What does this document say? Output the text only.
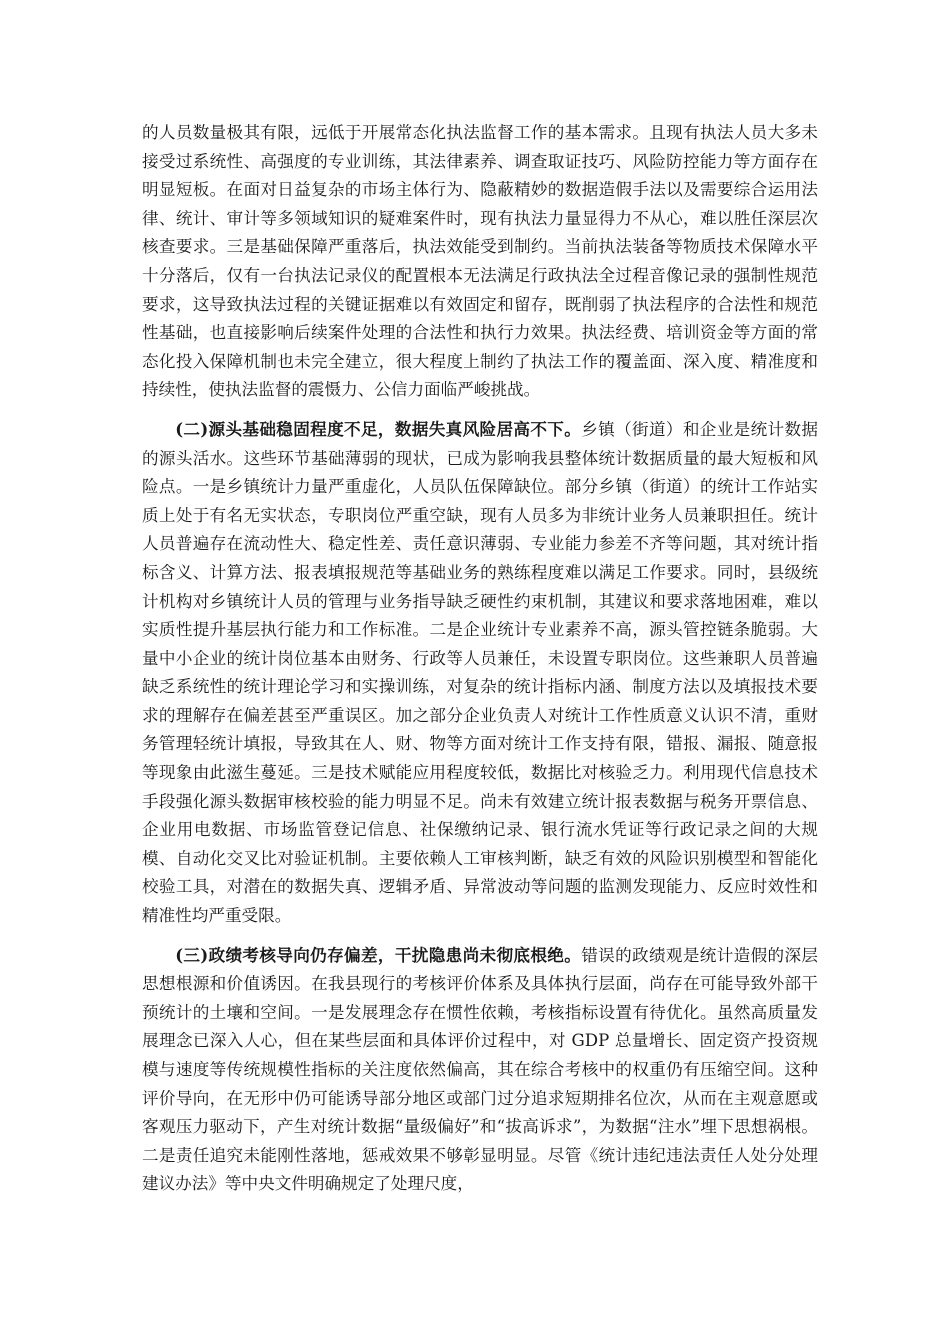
的人员数量极其有限，远低于开展常态化执法监督工作的基本需求。且现有执法人员大多未接受过系统性、高强度的专业训练，其法律素养、调查取证技巧、风险防控能力等方面存在明显短板。在面对日益复杂的市场主体行为、隐蔽精妙的数据造假手法以及需要综合运用法律、统计、审计等多领域知识的疑难案件时，现有执法力量显得力不从心，难以胜任深层次核查要求。三是基础保障严重落后，执法效能受到制约。当前执法装备等物质技术保障水平十分落后，仅有一台执法记录仪的配置根本无法满足行政执法全过程音像记录的强制性规范要求，这导致执法过程的关键证据难以有效固定和留存，既削弱了执法程序的合法性和规范性基础，也直接影响后续案件处理的合法性和执行力效果。执法经费、培训资金等方面的常态化投入保障机制也未完全建立，很大程度上制约了执法工作的覆盖面、深入度、精准度和持续性，使执法监督的震慑力、公信力面临严峻挑战。

(二)源头基础稳固程度不足，数据失真风险居高不下。乡镇（街道）和企业是统计数据的源头活水。这些环节基础薄弱的现状，已成为影响我县整体统计数据质量的最大短板和风险点。一是乡镇统计力量严重虚化，人员队伍保障缺位。部分乡镇（街道）的统计工作站实质上处于有名无实状态，专职岗位严重空缺，现有人员多为非统计业务人员兼职担任。统计人员普遍存在流动性大、稳定性差、责任意识薄弱、专业能力参差不齐等问题，其对统计指标含义、计算方法、报表填报规范等基础业务的熟练程度难以满足工作要求。同时，县级统计机构对乡镇统计人员的管理与业务指导缺乏硬性约束机制，其建议和要求落地困难，难以实质性提升基层执行能力和工作标准。二是企业统计专业素养不高，源头管控链条脆弱。大量中小企业的统计岗位基本由财务、行政等人员兼任，未设置专职岗位。这些兼职人员普遍缺乏系统性的统计理论学习和实操训练，对复杂的统计指标内涵、制度方法以及填报技术要求的理解存在偏差甚至严重误区。加之部分企业负责人对统计工作性质意义认识不清，重财务管理轻统计填报，导致其在人、财、物等方面对统计工作支持有限，错报、漏报、随意报等现象由此滋生蔓延。三是技术赋能应用程度较低，数据比对核验乏力。利用现代信息技术手段强化源头数据审核校验的能力明显不足。尚未有效建立统计报表数据与税务开票信息、企业用电数据、市场监管登记信息、社保缴纳记录、银行流水凭证等行政记录之间的大规模、自动化交叉比对验证机制。主要依赖人工审核判断，缺乏有效的风险识别模型和智能化校验工具，对潜在的数据失真、逻辑矛盾、异常波动等问题的监测发现能力、反应时效性和精准性均严重受限。

(三)政绩考核导向仍存偏差，干扰隐患尚未彻底根绝。错误的政绩观是统计造假的深层思想根源和价值诱因。在我县现行的考核评价体系及具体执行层面，尚存在可能导致外部干预统计的土壤和空间。一是发展理念存在惯性依赖，考核指标设置有待优化。虽然高质量发展理念已深入人心，但在某些层面和具体评价过程中，对 GDP 总量增长、固定资产投资规模与速度等传统规模性指标的关注度依然偏高，其在综合考核中的权重仍有压缩空间。这种评价导向，在无形中仍可能诱导部分地区或部门过分追求短期排名位次，从而在主观意愿或客观压力驱动下，产生对统计数据“量级偏好”和“拔高诉求”，为数据“注水”埋下思想祸根。二是责任追究未能刚性落地，惩戒效果不够彰显明显。尽管《统计违纪违法责任人处分处理建议办法》等中央文件明确规定了处理尺度，
